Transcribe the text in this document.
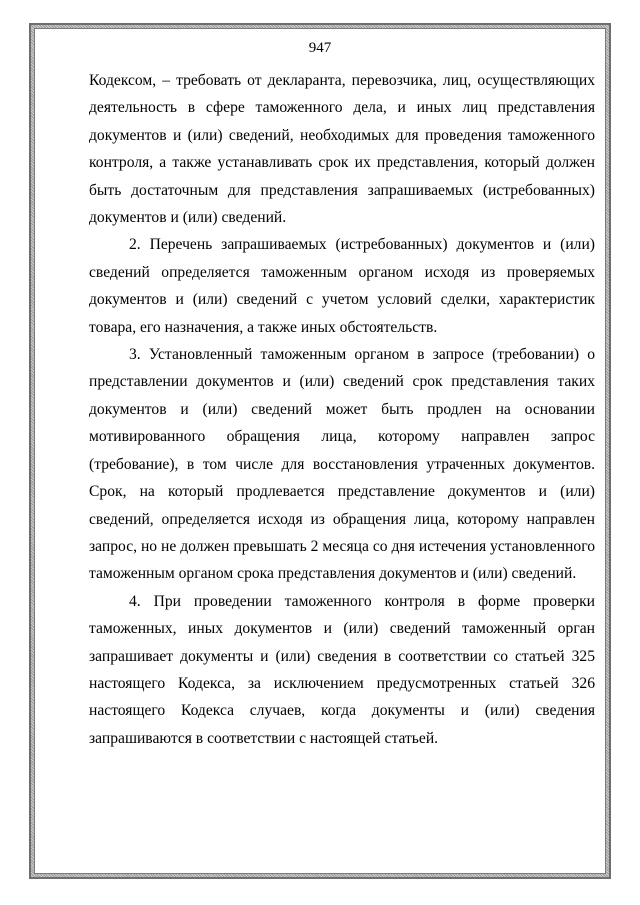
947

Кодексом, – требовать от декларанта, перевозчика, лиц, осуществляющих деятельность в сфере таможенного дела, и иных лиц представления документов и (или) сведений, необходимых для проведения таможенного контроля, а также устанавливать срок их представления, который должен быть достаточным для представления запрашиваемых (истребованных) документов и (или) сведений.

2. Перечень запрашиваемых (истребованных) документов и (или) сведений определяется таможенным органом исходя из проверяемых документов и (или) сведений с учетом условий сделки, характеристик товара, его назначения, а также иных обстоятельств.

3. Установленный таможенным органом в запросе (требовании) о представлении документов и (или) сведений срок представления таких документов и (или) сведений может быть продлен на основании мотивированного обращения лица, которому направлен запрос (требование), в том числе для восстановления утраченных документов. Срок, на который продлевается представление документов и (или) сведений, определяется исходя из обращения лица, которому направлен запрос, но не должен превышать 2 месяца со дня истечения установленного таможенным органом срока представления документов и (или) сведений.

4. При проведении таможенного контроля в форме проверки таможенных, иных документов и (или) сведений таможенный орган запрашивает документы и (или) сведения в соответствии со статьей 325 настоящего Кодекса, за исключением предусмотренных статьей 326 настоящего Кодекса случаев, когда документы и (или) сведения запрашиваются в соответствии с настоящей статьей.
